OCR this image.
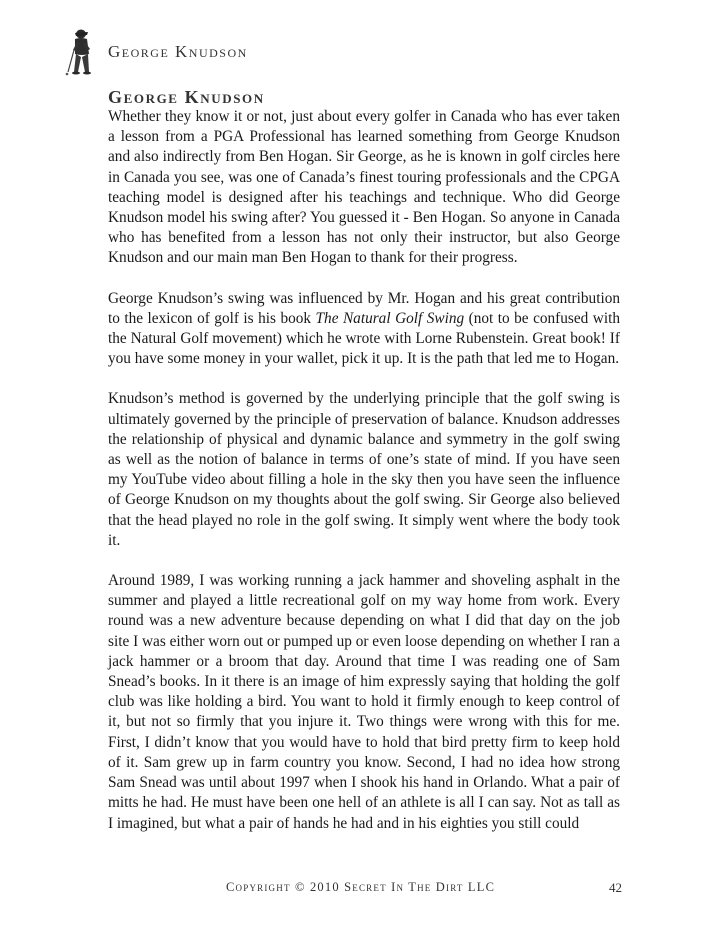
George Knudson
George Knudson

Whether they know it or not, just about every golfer in Canada who has ever taken a lesson from a PGA Professional has learned something from George Knudson and also indirectly from Ben Hogan. Sir George, as he is known in golf circles here in Canada you see, was one of Canada’s finest touring professionals and the CPGA teaching model is designed after his teachings and technique. Who did George Knudson model his swing after? You guessed it - Ben Hogan. So anyone in Canada who has benefited from a lesson has not only their instructor, but also George Knudson and our main man Ben Hogan to thank for their progress.

George Knudson’s swing was influenced by Mr. Hogan and his great contribution to the lexicon of golf is his book The Natural Golf Swing (not to be confused with the Natural Golf movement) which he wrote with Lorne Rubenstein. Great book! If you have some money in your wallet, pick it up. It is the path that led me to Hogan.

Knudson’s method is governed by the underlying principle that the golf swing is ultimately governed by the principle of preservation of balance. Knudson addresses the relationship of physical and dynamic balance and symmetry in the golf swing as well as the notion of balance in terms of one’s state of mind. If you have seen my YouTube video about filling a hole in the sky then you have seen the influence of George Knudson on my thoughts about the golf swing. Sir George also believed that the head played no role in the golf swing. It simply went where the body took it.

Around 1989, I was working running a jack hammer and shoveling asphalt in the summer and played a little recreational golf on my way home from work. Every round was a new adventure because depending on what I did that day on the job site I was either worn out or pumped up or even loose depending on whether I ran a jack hammer or a broom that day. Around that time I was reading one of Sam Snead’s books. In it there is an image of him expressly saying that holding the golf club was like holding a bird. You want to hold it firmly enough to keep control of it, but not so firmly that you injure it. Two things were wrong with this for me. First, I didn’t know that you would have to hold that bird pretty firm to keep hold of it. Sam grew up in farm country you know. Second, I had no idea how strong Sam Snead was until about 1997 when I shook his hand in Orlando. What a pair of mitts he had. He must have been one hell of an athlete is all I can say. Not as tall as I imagined, but what a pair of hands he had and in his eighties you still could

Copyright © 2010 Secret In The Dirt LLC	42
